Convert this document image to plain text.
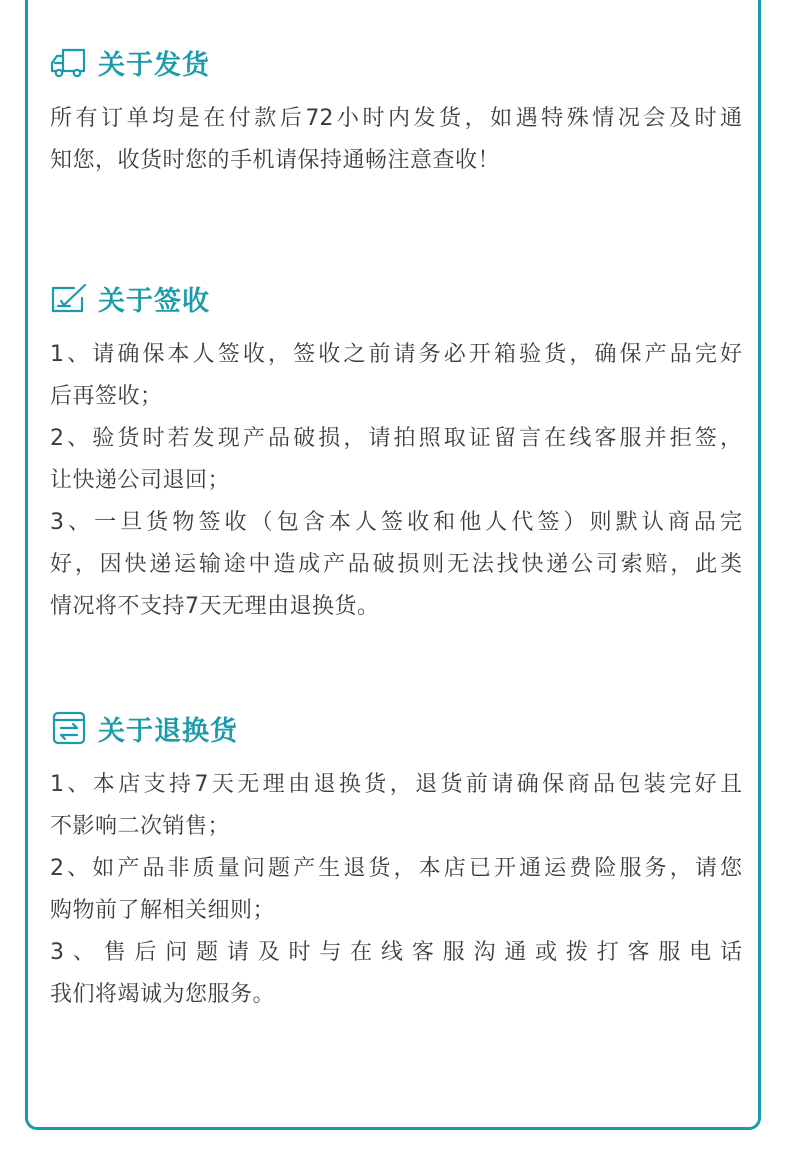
关于发货
所有订单均是在付款后72小时内发货，如遇特殊情况会及时通
知您，收货时您的手机请保持通畅注意查收！
关于签收
1、请确保本人签收，签收之前请务必开箱验货，确保产品完好
后再签收；
2、验货时若发现产品破损，请拍照取证留言在线客服并拒签，
让快递公司退回；
3、一旦货物签收（包含本人签收和他人代签）则默认商品完
好，因快递运输途中造成产品破损则无法找快递公司索赔，此类
情况将不支持7天无理由退换货。
关于退换货
1、本店支持7天无理由退换货，退货前请确保商品包装完好且
不影响二次销售；
2、如产品非质量问题产生退货，本店已开通运费险服务，请您
购物前了解相关细则；
3、售后问题请及时与在线客服沟通或拨打客服电话
我们将竭诚为您服务。
